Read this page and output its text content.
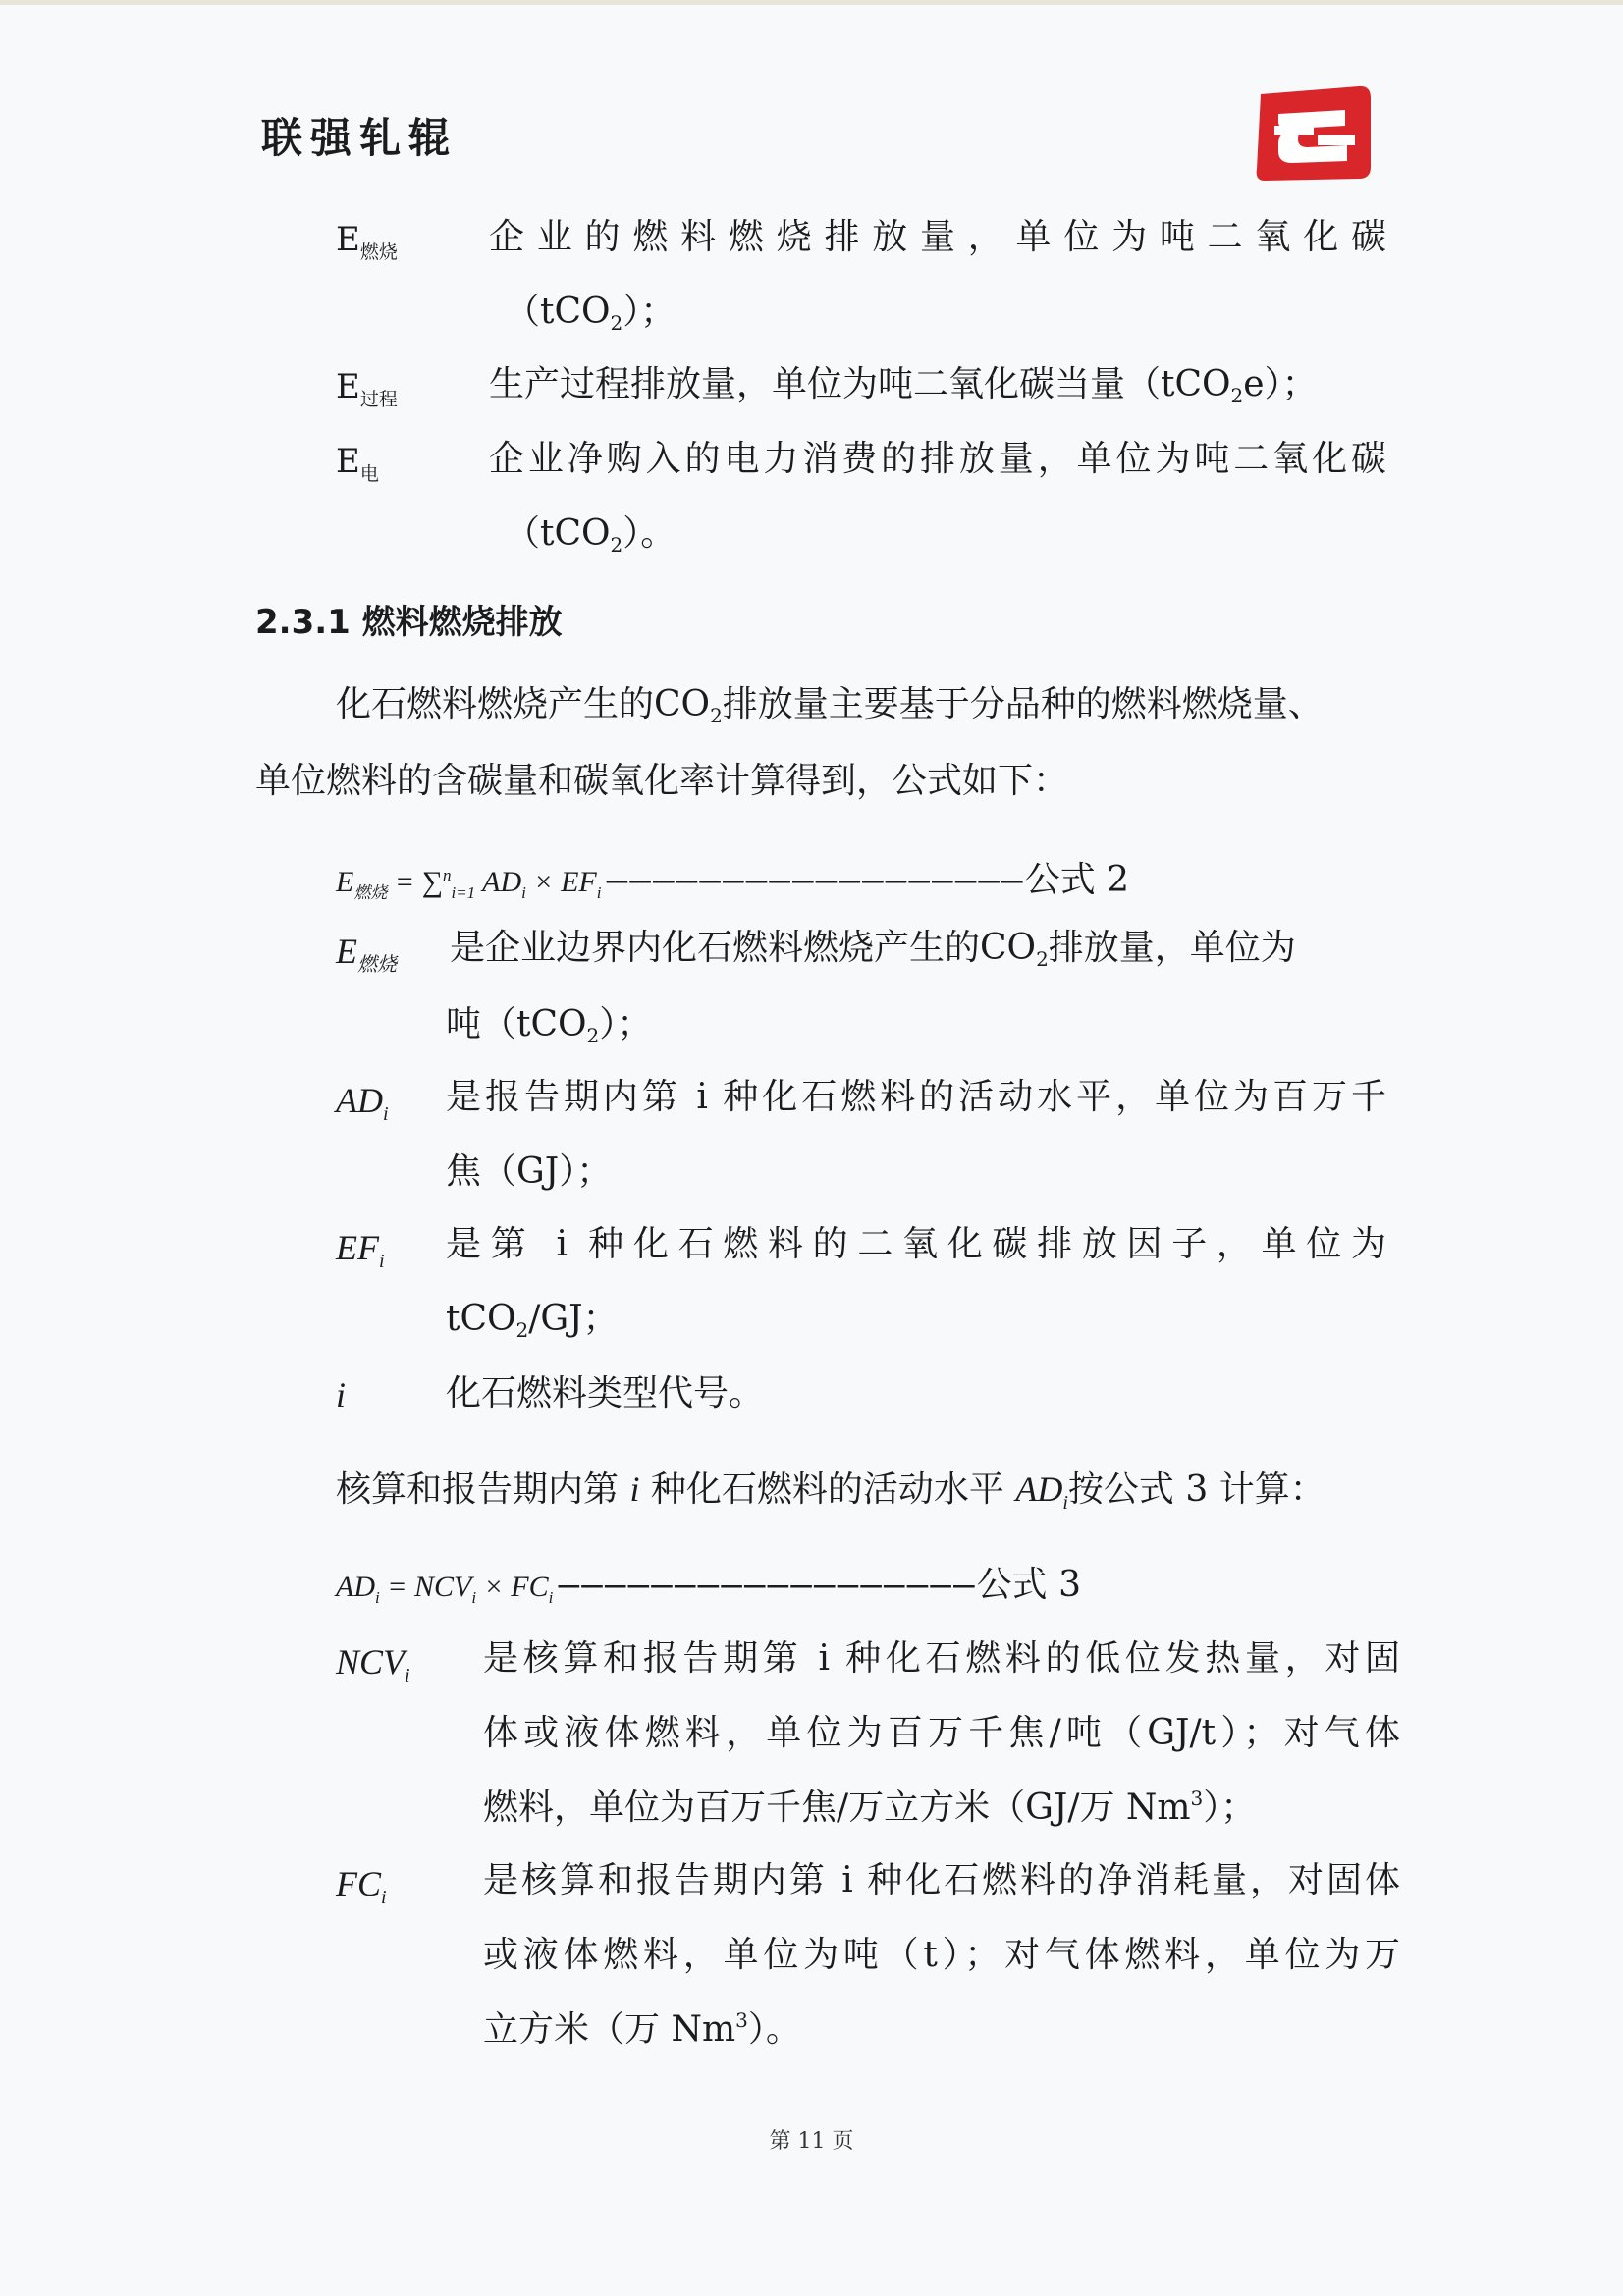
联强轧辊
$E_{燃烧}$	企业的燃料燃烧排放量，单位为吨二氧化碳
（tCO$_2$）；
$E_{过程}$	生产过程排放量，单位为吨二氧化碳当量（tCO$_2$e）；
$E_电$	企业净购入的电力消费的排放量，单位为吨二氧化碳
（tCO$_2$）。
2.3.1 燃料燃烧排放
化石燃料燃烧产生的$CO_2$排放量主要基于分品种的燃料燃烧量、
单位燃料的含碳量和碳氧化率计算得到，公式如下：
$E_{燃烧} = \sum^n_{i=1}$ $AD_i \times EF_i$ ——————————————————公式 2
$E_{燃烧}$ 是企业边界内化石燃料燃烧产生的$CO_2$排放量，单位为
吨（tCO$_2$）；
$AD_i$ 是报告期内第 i 种化石燃料的活动水平，单位为百万千
焦（GJ）；
$EF_i$ 是第 i 种化石燃料的二氧化碳排放因子，单位为
tCO$_2$/GJ；
i	化石燃料类型代号。
核算和报告期内第 i 种化石燃料的活动水平 $AD_i$按公式 3 计算：
$AD_i = NCV_i \times FC_i$ ——————————————————公式 3
$NCV_i$ 是核算和报告期第 i 种化石燃料的低位发热量，对固
体或液体燃料，单位为百万千焦/吨（GJ/t）；对气体
燃料，单位为百万千焦/万立方米（GJ/万 Nm$^3$）；
$FC_i$	是核算和报告期内第 i 种化石燃料的净消耗量，对固体
或液体燃料，单位为吨（t）；对气体燃料，单位为万
立方米（万 Nm$^3$）。
第 11 页
